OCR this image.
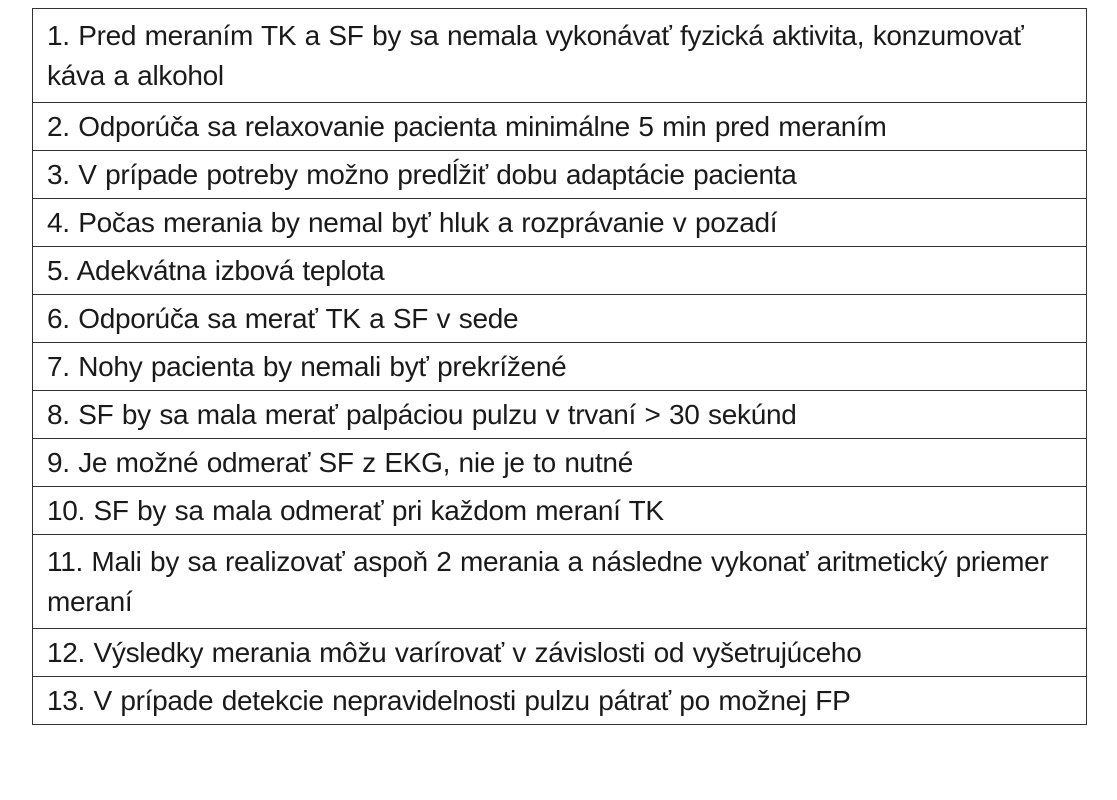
1. Pred meraním TK a SF by sa nemala vykonávať fyzická aktivita, konzumovať káva a alkohol
2. Odporúča sa relaxovanie pacienta minimálne 5 min pred meraním
3. V prípade potreby možno predĺžiť dobu adaptácie pacienta
4. Počas merania by nemal byť hluk a rozprávanie v pozadí
5. Adekvátna izbová teplota
6. Odporúča sa merať TK a SF v sede
7. Nohy pacienta by nemali byť prekrížené
8. SF by sa mala merať palpáciou pulzu v trvaní > 30 sekúnd
9. Je možné odmerať SF z EKG, nie je to nutné
10. SF by sa mala odmerať pri každom meraní TK
11. Mali by sa realizovať aspoň 2 merania a následne vykonať aritmetický priemer meraní
12. Výsledky merania môžu varírovať v závislosti od vyšetrujúceho
13. V prípade detekcie nepravidelnosti pulzu pátrať po možnej FP
